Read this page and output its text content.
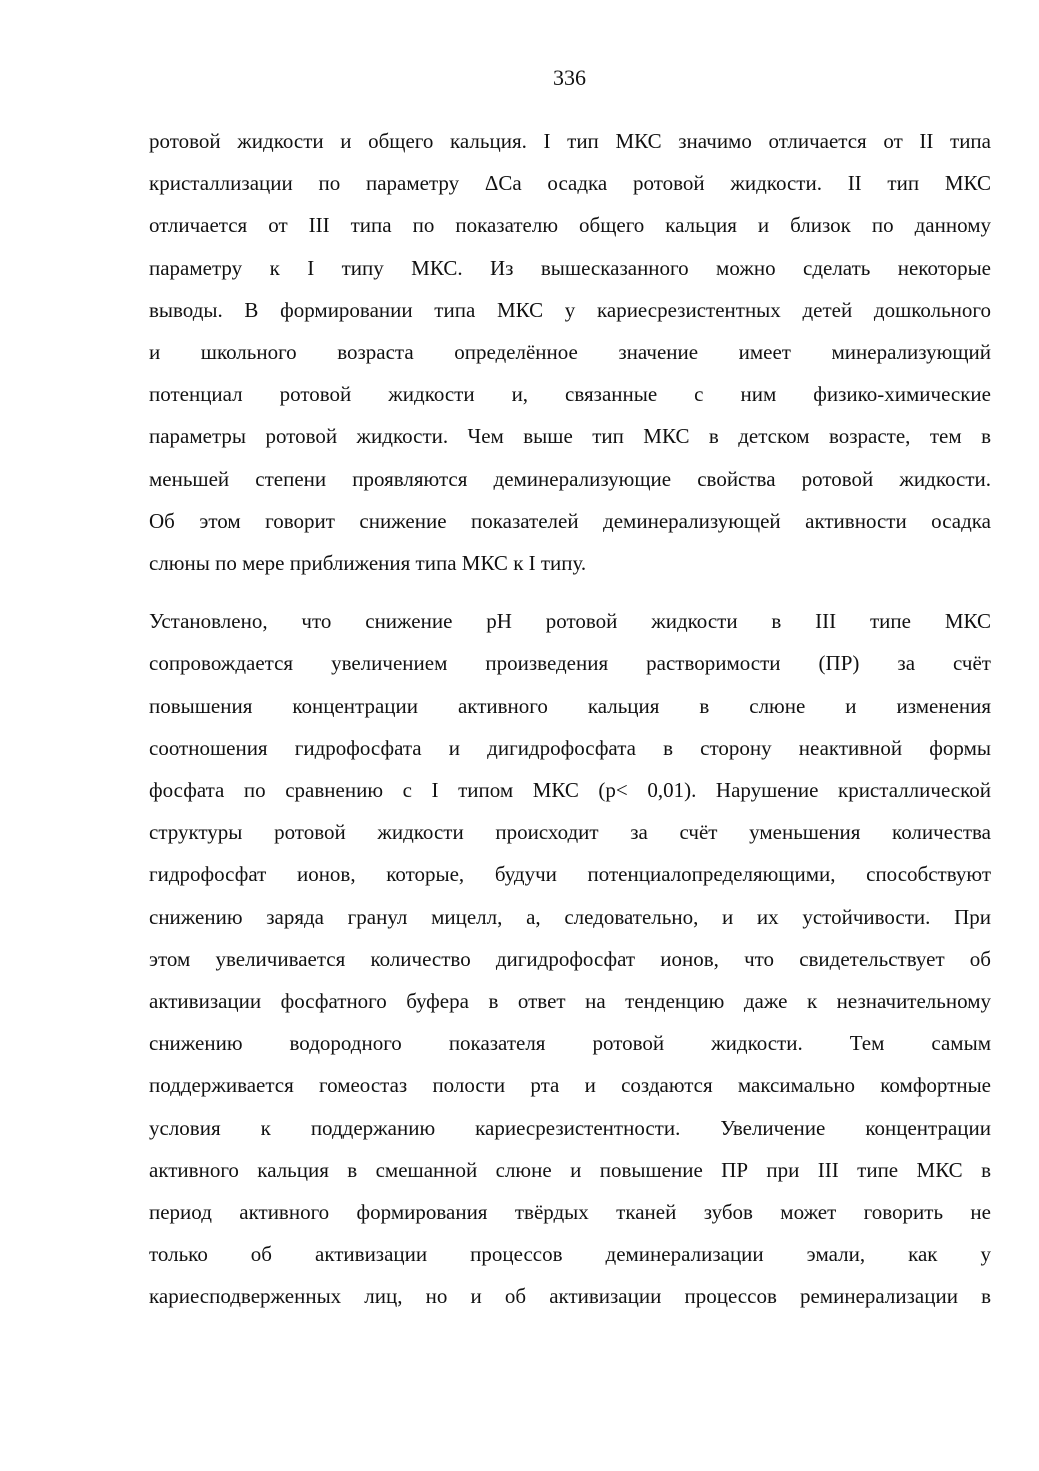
336

ротовой жидкости и общего кальция. I тип МКС значимо отличается от II типа
кристаллизации по параметру ΔСа осадка ротовой жидкости. II тип МКС
отличается от III типа по показателю общего кальция и близок по данному
параметру к I типу МКС. Из вышесказанного можно сделать некоторые
выводы. В формировании типа МКС у кариесрезистентных детей дошкольного
и школьного возраста определённое значение имеет минерализующий
потенциал ротовой жидкости и, связанные с ним физико-химические
параметры ротовой жидкости. Чем выше тип МКС в детском возрасте, тем в
меньшей степени проявляются деминерализующие свойства ротовой жидкости.
Об этом говорит снижение показателей деминерализующей активности осадка
слюны по мере приближения типа МКС к I типу.

Установлено, что снижение pH ротовой жидкости в III типе МКС
сопровождается увеличением произведения растворимости (ПР) за счёт
повышения концентрации активного кальция в слюне и изменения
соотношения гидрофосфата и дигидрофосфата в сторону неактивной формы
фосфата по сравнению с I типом МКС (р< 0,01). Нарушение кристаллической
структуры ротовой жидкости происходит за счёт уменьшения количества
гидрофосфат ионов, которые, будучи потенциалопределяющими, способствуют
снижению заряда гранул мицелл, а, следовательно, и их устойчивости. При
этом увеличивается количество дигидрофосфат ионов, что свидетельствует об
активизации фосфатного буфера в ответ на тенденцию даже к незначительному
снижению водородного показателя ротовой жидкости. Тем самым
поддерживается гомеостаз полости рта и создаются максимально комфортные
условия к поддержанию кариесрезистентности. Увеличение концентрации
активного кальция в смешанной слюне и повышение ПР при III типе МКС в
период активного формирования твёрдых тканей зубов может говорить не
только об активизации процессов деминерализации эмали, как у
кариесподверженных лиц, но и об активизации процессов реминерализации в
